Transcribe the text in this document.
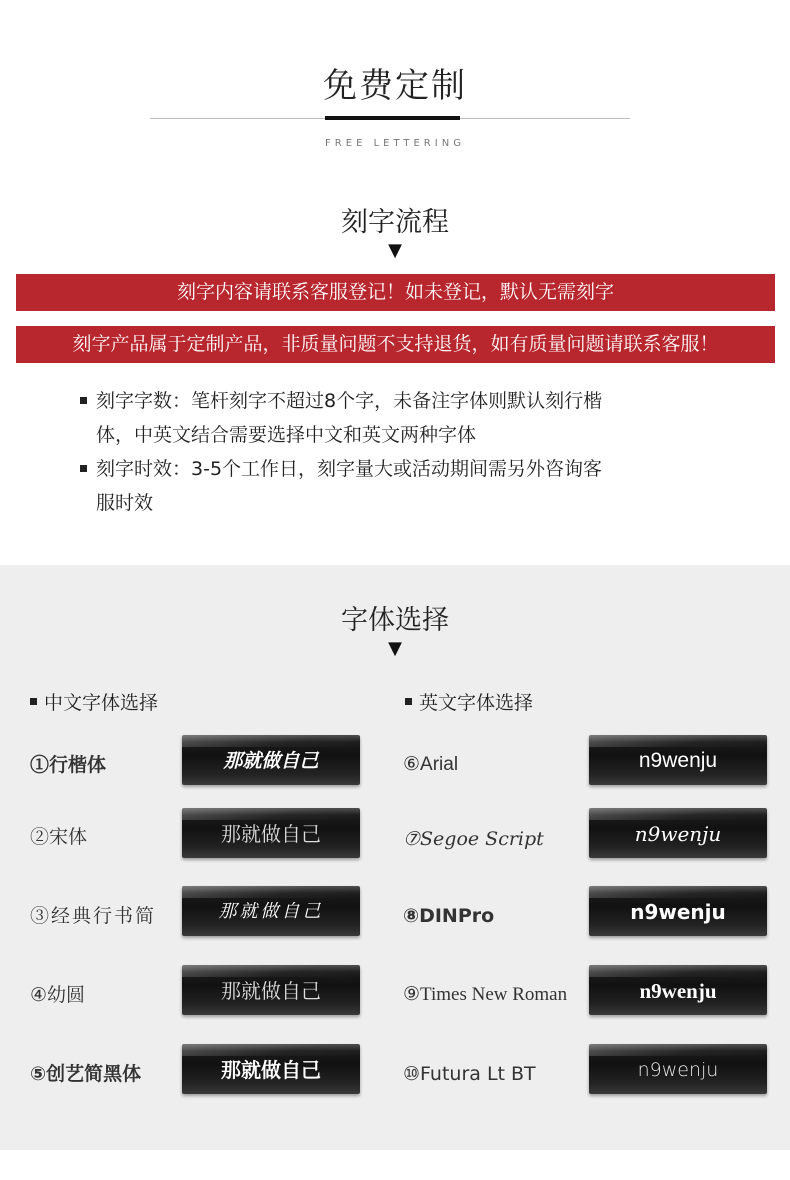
免费定制
FREE LETTERING
刻字流程
▼
刻字内容请联系客服登记！如未登记，默认无需刻字
刻字产品属于定制产品，非质量问题不支持退货，如有质量问题请联系客服！
刻字字数：笔杆刻字不超过8个字，未备注字体则默认刻行楷
体，中英文结合需要选择中文和英文两种字体
刻字时效：3-5个工作日，刻字量大或活动期间需另外咨询客
服时效
字体选择
▼
中文字体选择	英文字体选择
①行楷体	那就做自己
②宋体	那就做自己
③经典行书简	那就做自己
④幼圆	那就做自己
⑤创艺简黑体	那就做自己
⑥Arial	n9wenju
⑦Segoe Script	n9wenju
⑧DINPro	n9wenju
⑨Times New Roman	n9wenju
⑩Futura Lt BT	n9wenju
